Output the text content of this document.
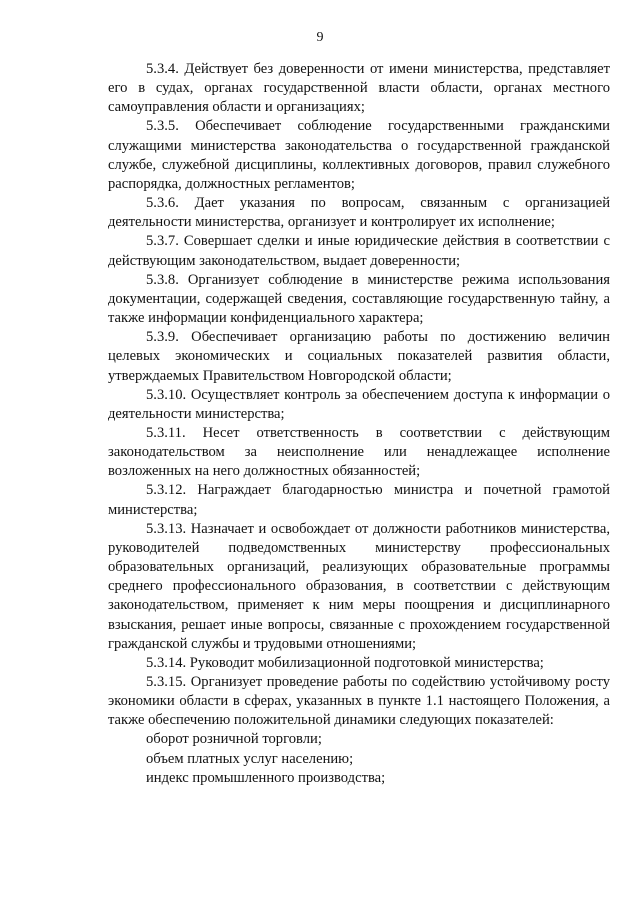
9

5.3.4. Действует без доверенности от имени министерства, представляет его в судах, органах государственной власти области, органах местного самоуправления области и организациях;

5.3.5. Обеспечивает соблюдение государственными гражданскими служащими министерства законодательства о государственной гражданской службе, служебной дисциплины, коллективных договоров, правил служебного распорядка, должностных регламентов;

5.3.6. Дает указания по вопросам, связанным с организацией деятельности министерства, организует и контролирует их исполнение;

5.3.7. Совершает сделки и иные юридические действия в соответствии с действующим законодательством, выдает доверенности;

5.3.8. Организует соблюдение в министерстве режима использования документации, содержащей сведения, составляющие государственную тайну, а также информации конфиденциального характера;

5.3.9. Обеспечивает организацию работы по достижению величин целевых экономических и социальных показателей развития области, утверждаемых Правительством Новгородской области;

5.3.10. Осуществляет контроль за обеспечением доступа к информации о деятельности министерства;

5.3.11. Несет ответственность в соответствии с действующим законодательством за неисполнение или ненадлежащее исполнение возложенных на него должностных обязанностей;

5.3.12. Награждает благодарностью министра и почетной грамотой министерства;

5.3.13. Назначает и освобождает от должности работников министерства, руководителей подведомственных министерству профессиональных образовательных организаций, реализующих образовательные программы среднего профессионального образования, в соответствии с действующим законодательством, применяет к ним меры поощрения и дисциплинарного взыскания, решает иные вопросы, связанные с прохождением государственной гражданской службы и трудовыми отношениями;

5.3.14. Руководит мобилизационной подготовкой министерства;

5.3.15. Организует проведение работы по содействию устойчивому росту экономики области в сферах, указанных в пункте 1.1 настоящего Положения, а также обеспечению положительной динамики следующих показателей:

оборот розничной торговли;

объем платных услуг населению;

индекс промышленного производства;
